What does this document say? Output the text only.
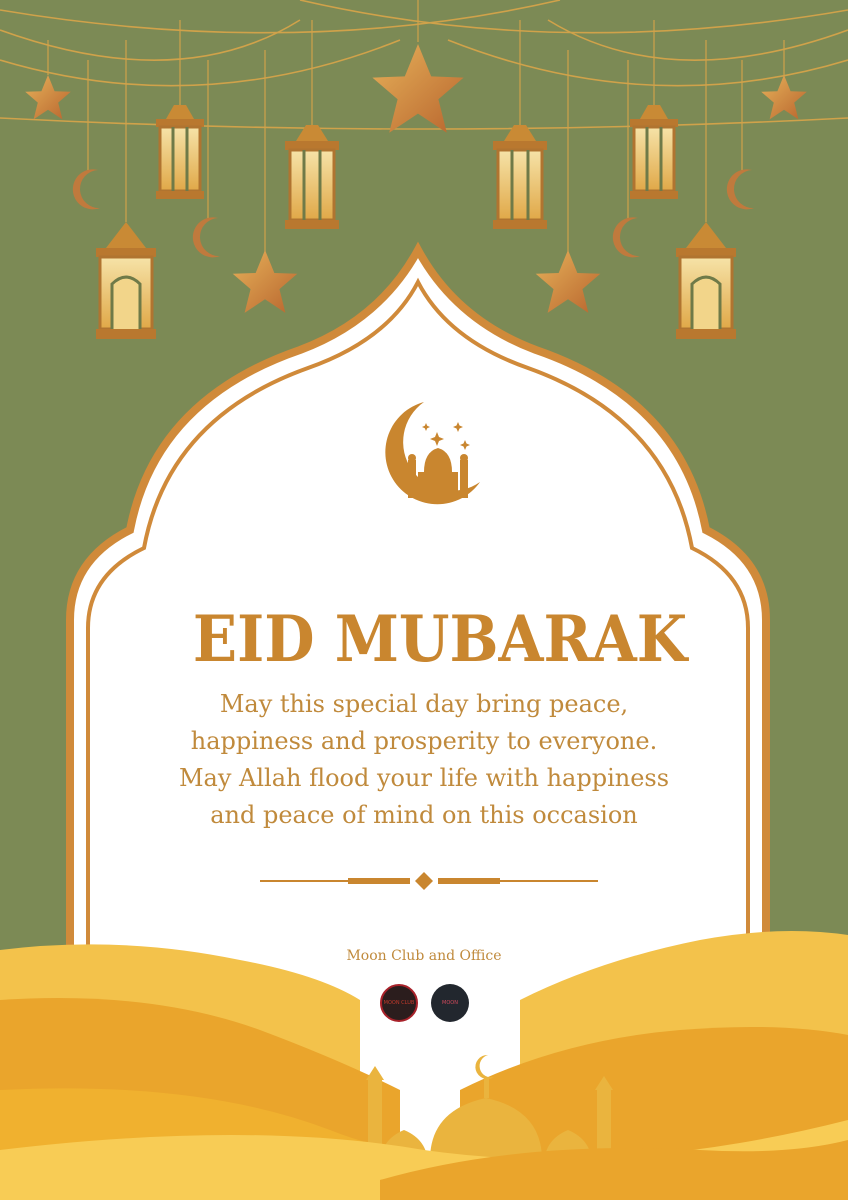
EID MUBARAK
May this special day bring peace,
happiness and prosperity to everyone.
May Allah flood your life with happiness
and peace of mind on this occasion
Moon Club and Office
MOON CLUB	MOON
